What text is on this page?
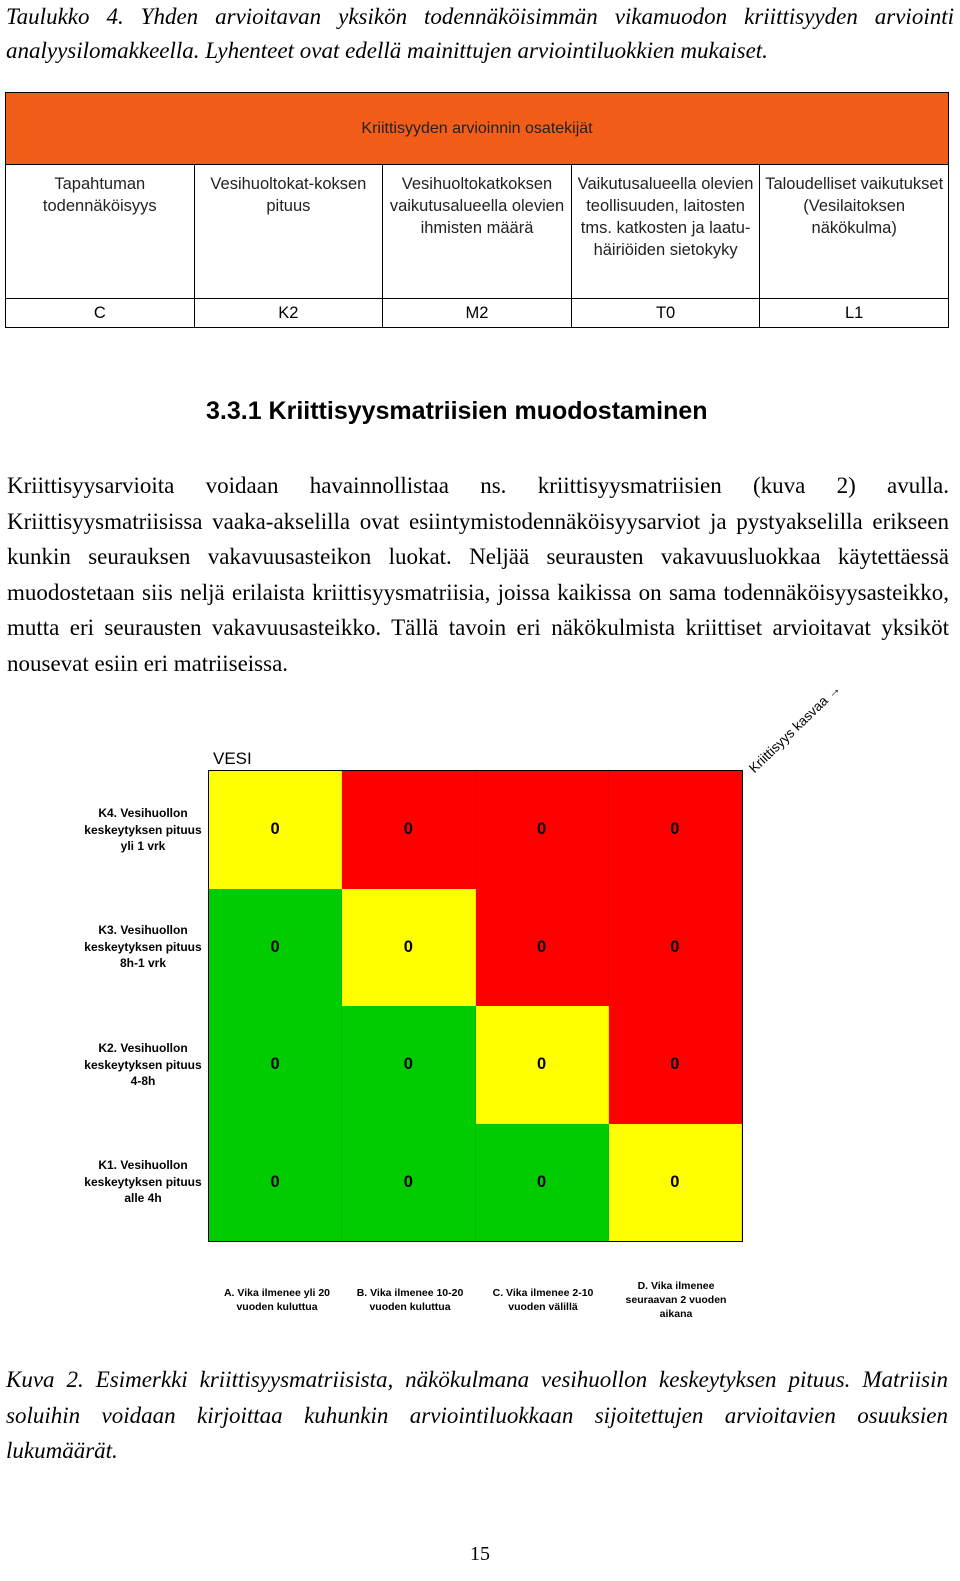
Taulukko 4. Yhden arvioitavan yksikön todennäköisimmän vikamuodon kriittisyyden arviointi analyysilomakkeella. Lyhenteet ovat edellä mainittujen arviointiluokkien mukaiset.
Kriittisyyden arvioinnin osatekijät				
Tapahtuman todennäköisyys	Vesihuoltokat-koksen pituus	Vesihuoltokatkoksen vaikutusalueella olevien ihmisten määrä	Vaikutusalueella olevien teollisuuden, laitosten tms. katkosten ja laatu-häiriöiden sietokyky	Taloudelliset vaikutukset (Vesilaitoksen näkökulma)
C	K2	M2	T0	L1
3.3.1 Kriittisyysmatriisien muodostaminen
Kriittisyysarvioita voidaan havainnollistaa ns. kriittisyysmatriisien (kuva 2) avulla. Kriittisyysmatriisissa vaaka-akselilla ovat esiintymistodennäköisyysarviot ja pystyakselilla erikseen kunkin seurauksen vakavuusasteikon luokat. Neljää seurausten vakavuusluokkaa käytettäessä muodostetaan siis neljä erilaista kriittisyysmatriisia, joissa kaikissa on sama todennäköisyysasteikko, mutta eri seurausten vakavuusasteikko. Tällä tavoin eri näkökulmista kriittiset arvioitavat yksiköt nousevat esiin eri matriiseissa.
VESI	Kriittisyys kasvaa →
0	0	0	0
0	0	0	0
0	0	0	0
0	0	0	0
K4. Vesihuollon keskeytyksen pituus yli 1 vrk
K3. Vesihuollon keskeytyksen pituus 8h-1 vrk
K2. Vesihuollon keskeytyksen pituus 4-8h
K1. Vesihuollon keskeytyksen pituus alle 4h
A. Vika ilmenee yli 20 vuoden kuluttua
B. Vika ilmenee 10-20 vuoden kuluttua
C. Vika ilmenee 2-10 vuoden välillä
D. Vika ilmenee seuraavan 2 vuoden aikana
Kuva 2. Esimerkki kriittisyysmatriisista, näkökulmana vesihuollon keskeytyksen pituus. Matriisin soluihin voidaan kirjoittaa kuhunkin arviointiluokkaan sijoitettujen arvioitavien osuuksien lukumäärät.
15
